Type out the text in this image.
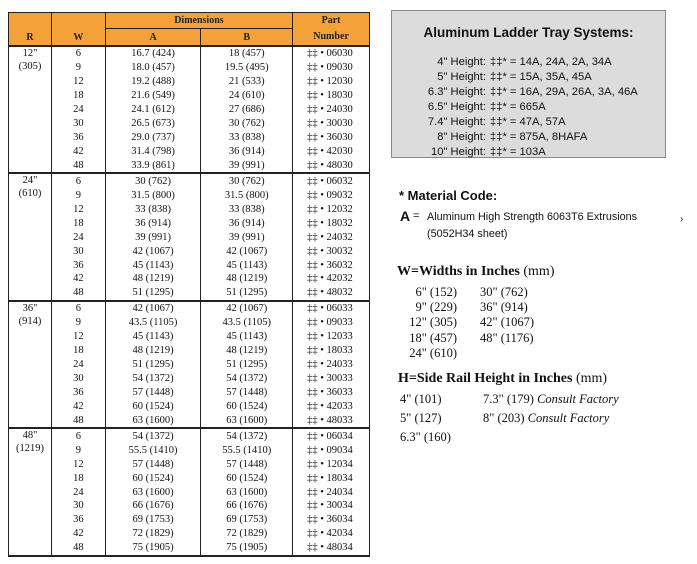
R	W	Dimensions		Part
		A	B	Number

12"
(305)	6	16.7 (424)	18 (457)	‡‡ • 06030
	9	18.0 (457)	19.5 (495)	‡‡ • 09030
	12	19.2 (488)	21 (533)	‡‡ • 12030
	18	21.6 (549)	24 (610)	‡‡ • 18030
	24	24.1 (612)	27 (686)	‡‡ • 24030
	30	26.5 (673)	30 (762)	‡‡ • 30030
	36	29.0 (737)	33 (838)	‡‡ • 36030
	42	31.4 (798)	36 (914)	‡‡ • 42030
	48	33.9 (861)	39 (991)	‡‡ • 48030

24"
(610)	6	30 (762)	30 (762)	‡‡ • 06032
	9	31.5 (800)	31.5 (800)	‡‡ • 09032
	12	33 (838)	33 (838)	‡‡ • 12032
	18	36 (914)	36 (914)	‡‡ • 18032
	24	39 (991)	39 (991)	‡‡ • 24032
	30	42 (1067)	42 (1067)	‡‡ • 30032
	36	45 (1143)	45 (1143)	‡‡ • 36032
	42	48 (1219)	48 (1219)	‡‡ • 42032
	48	51 (1295)	51 (1295)	‡‡ • 48032

36"
(914)	6	42 (1067)	42 (1067)	‡‡ • 06033
	9	43.5 (1105)	43.5 (1105)	‡‡ • 09033
	12	45 (1143)	45 (1143)	‡‡ • 12033
	18	48 (1219)	48 (1219)	‡‡ • 18033
	24	51 (1295)	51 (1295)	‡‡ • 24033
	30	54 (1372)	54 (1372)	‡‡ • 30033
	36	57 (1448)	57 (1448)	‡‡ • 36033
	42	60 (1524)	60 (1524)	‡‡ • 42033
	48	63 (1600)	63 (1600)	‡‡ • 48033

48"
(1219)	6	54 (1372)	54 (1372)	‡‡ • 06034
	9	55.5 (1410)	55.5 (1410)	‡‡ • 09034
	12	57 (1448)	57 (1448)	‡‡ • 12034
	18	60 (1524)	60 (1524)	‡‡ • 18034
	24	63 (1600)	63 (1600)	‡‡ • 24034
	30	66 (1676)	66 (1676)	‡‡ • 30034
	36	69 (1753)	69 (1753)	‡‡ • 36034
	42	72 (1829)	72 (1829)	‡‡ • 42034
	48	75 (1905)	75 (1905)	‡‡ • 48034
Aluminum Ladder Tray Systems:
4" Height: ‡‡* = 14A, 24A, 2A, 34A
5" Height: ‡‡* = 15A, 35A, 45A
6.3" Height: ‡‡* = 16A, 29A, 26A, 3A, 46A
6.5" Height: ‡‡* = 665A
7.4" Height: ‡‡* = 47A, 57A
8" Height: ‡‡* = 875A, 8HAFA
10" Height: ‡‡* = 103A
* Material Code:
A = Aluminum High Strength 6063T6 Extrusions
(5052H34 sheet)
›
W=Widths in Inches (mm)
6" (152)
9" (229)
12" (305)
18" (457)
24" (610)
30" (762)
36" (914)
42" (1067)
48" (1176)
H=Side Rail Height in Inches (mm)
4" (101)	7.3" (179) Consult Factory
5" (127)	8" (203) Consult Factory
6.3" (160)
